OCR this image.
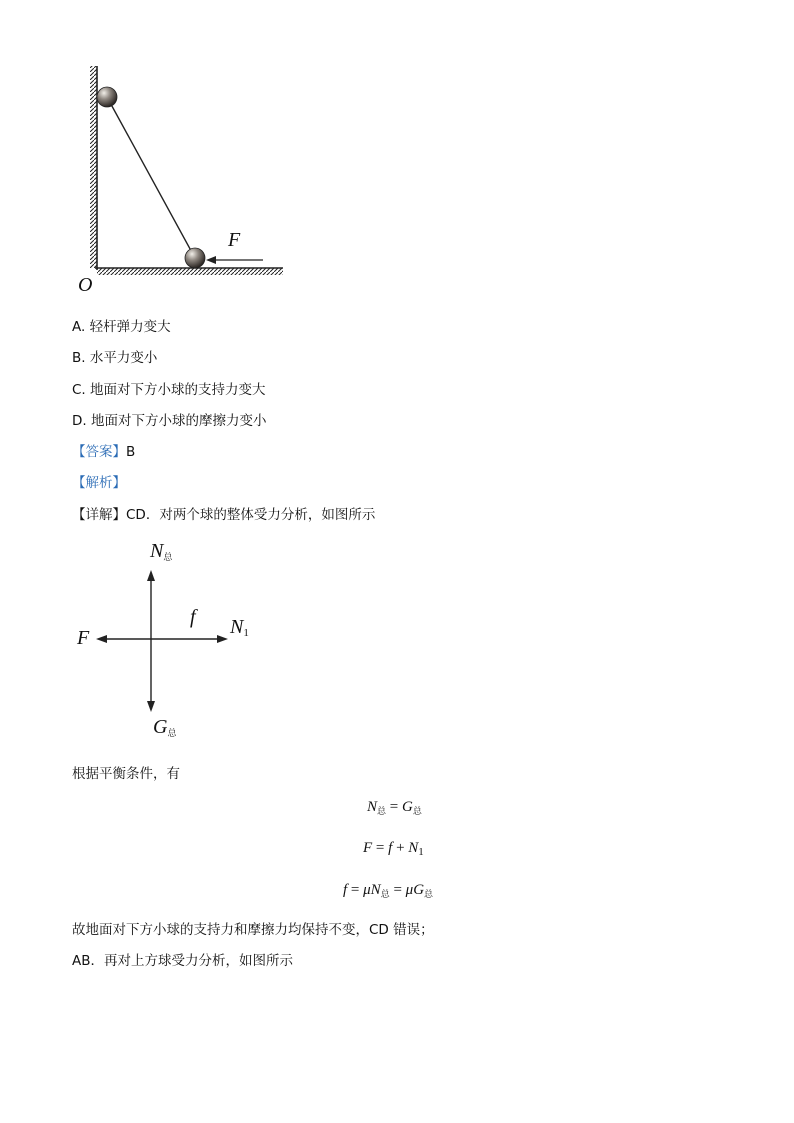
F
O
A. 轻杆弹力变大
B. 水平力变小
C. 地面对下方小球的支持力变大
D. 地面对下方小球的摩擦力变小
【答案】B
【解析】
【详解】CD．对两个球的整体受力分析，如图所示
$N_总$
F
f N1
$G_总$
根据平衡条件，有
$N_总 = G_总$
$F = f + N_1$
$f = \mu N_总 = \mu G_总$
故地面对下方小球的支持力和摩擦力均保持不变，CD 错误；
AB．再对上方球受力分析，如图所示
